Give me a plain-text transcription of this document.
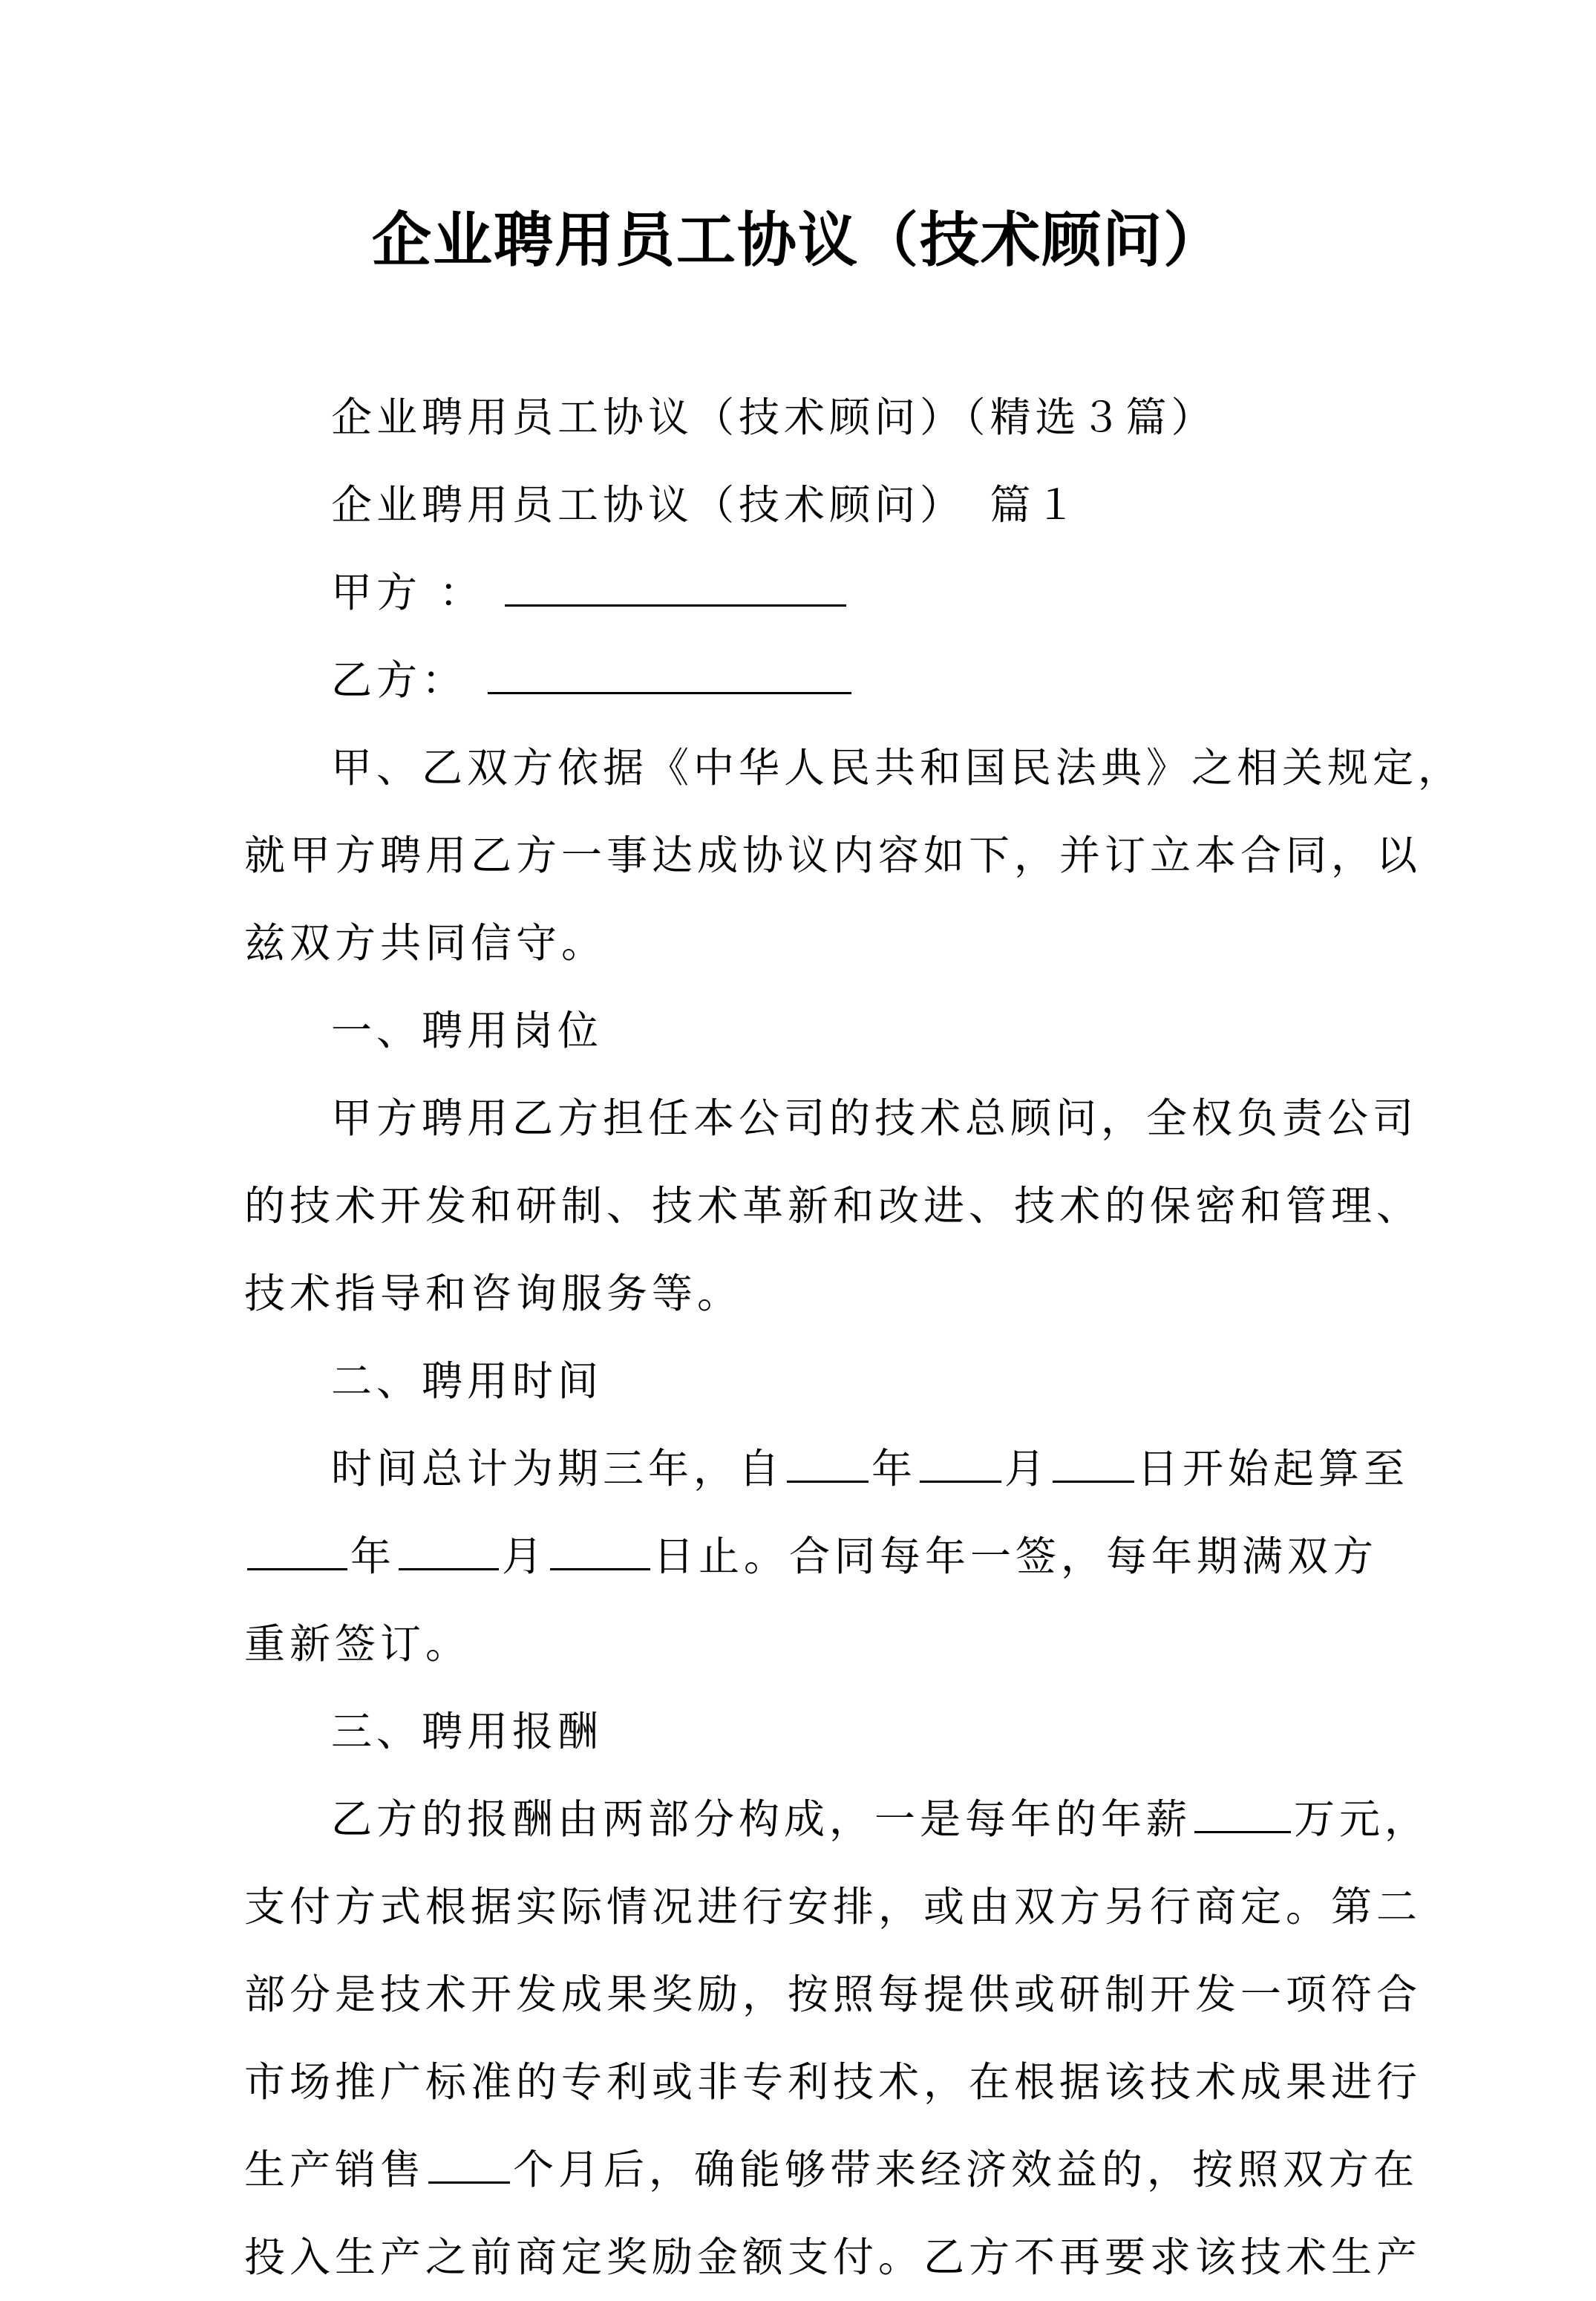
企业聘用员工协议（技术顾问）
企业聘用员工协议（技术顾问）（精选３篇）
企业聘用员工协议（技术顾问）　篇１
甲方 ：
乙方：
甲、乙双方依据《中华人民共和国民法典》之相关规定，
就甲方聘用乙方一事达成协议内容如下，并订立本合同，以
兹双方共同信守。
一、聘用岗位
甲方聘用乙方担任本公司的技术总顾问，全权负责公司
的技术开发和研制、技术革新和改进、技术的保密和管理、
技术指导和咨询服务等。
二、聘用时间
时间总计为期三年，自 年 月 日开始起算至
年	月	日止。合同每年一签，每年期满双方
重新签订。
三、聘用报酬
乙方的报酬由两部分构成，一是每年的年薪	万元，
支付方式根据实际情况进行安排，或由双方另行商定。第二
部分是技术开发成果奖励，按照每提供或研制开发一项符合
市场推广标准的专利或非专利技术，在根据该技术成果进行
生产销售 个月后，确能够带来经济效益的，按照双方在
投入生产之前商定奖励金额支付。乙方不再要求该技术生产
